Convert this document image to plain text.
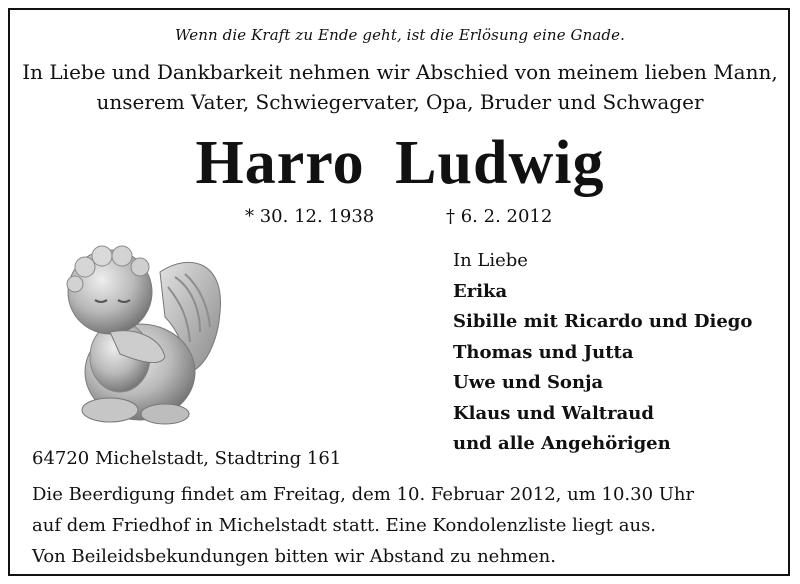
Wenn die Kraft zu Ende geht, ist die Erlösung eine Gnade.
In Liebe und Dankbarkeit nehmen wir Abschied von meinem lieben Mann,
unserem Vater, Schwiegervater, Opa, Bruder und Schwager
Harro Ludwig
* 30. 12. 1938	† 6. 2. 2012
In Liebe
Erika
Sibille mit Ricardo und Diego
Thomas und Jutta
Uwe und Sonja
Klaus und Waltraud
und alle Angehörigen
64720 Michelstadt, Stadtring 161
Die Beerdigung findet am Freitag, dem 10. Februar 2012, um 10.30 Uhr
auf dem Friedhof in Michelstadt statt. Eine Kondolenzliste liegt aus.
Von Beileidsbekundungen bitten wir Abstand zu nehmen.
